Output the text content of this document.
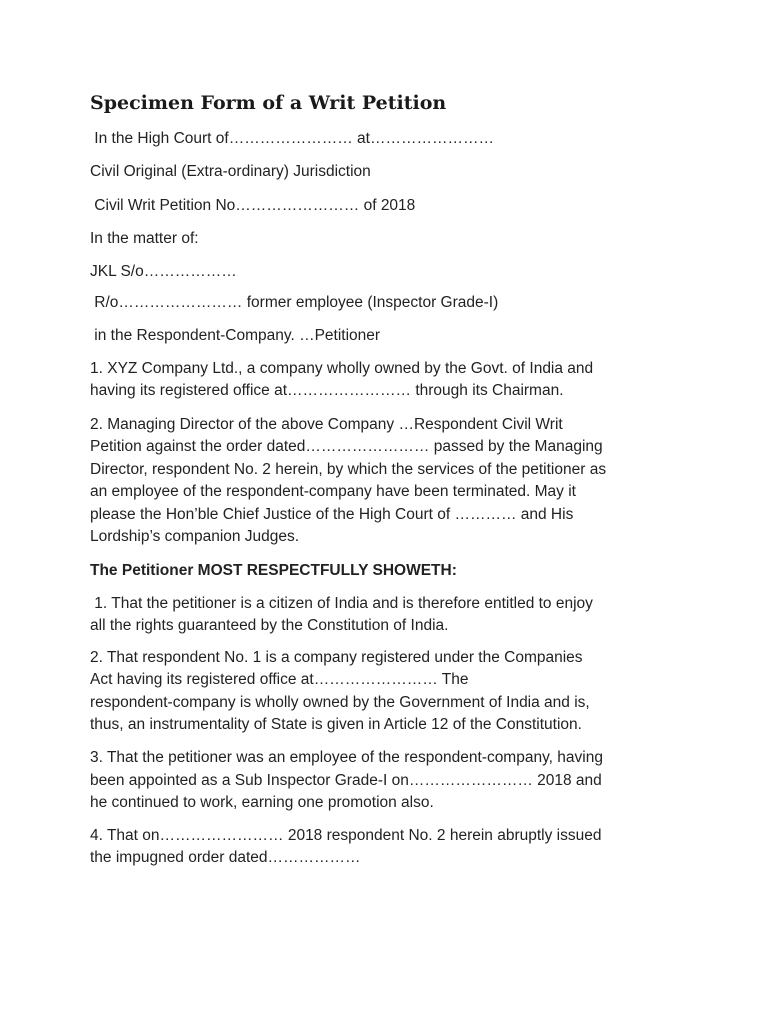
Specimen Form of a Writ Petition

In the High Court of…………………… at……………………

Civil Original (Extra-ordinary) Jurisdiction

Civil Writ Petition No…………………… of 2018

In the matter of:

JKL S/o………………

R/o…………………… former employee (Inspector Grade-I)

in the Respondent-Company. …Petitioner

1. XYZ Company Ltd., a company wholly owned by the Govt. of India and

having its registered office at…………………… through its Chairman.

2. Managing Director of the above Company …Respondent Civil Writ

Petition against the order dated…………………… passed by the Managing

Director, respondent No. 2 herein, by which the services of the petitioner as

an employee of the respondent-company have been terminated. May it

please the Hon’ble Chief Justice of the High Court of ………… and His

Lordship’s companion Judges.

The Petitioner MOST RESPECTFULLY SHOWETH:

1. That the petitioner is a citizen of India and is therefore entitled to enjoy

all the rights guaranteed by the Constitution of India.

2. That respondent No. 1 is a company registered under the Companies

Act having its registered office at…………………… The

respondent-company is wholly owned by the Government of India and is,

thus, an instrumentality of State is given in Article 12 of the Constitution.

3. That the petitioner was an employee of the respondent-company, having

been appointed as a Sub Inspector Grade-I on…………………… 2018 and

he continued to work, earning one promotion also.

4. That on…………………… 2018 respondent No. 2 herein abruptly issued

the impugned order dated………………
